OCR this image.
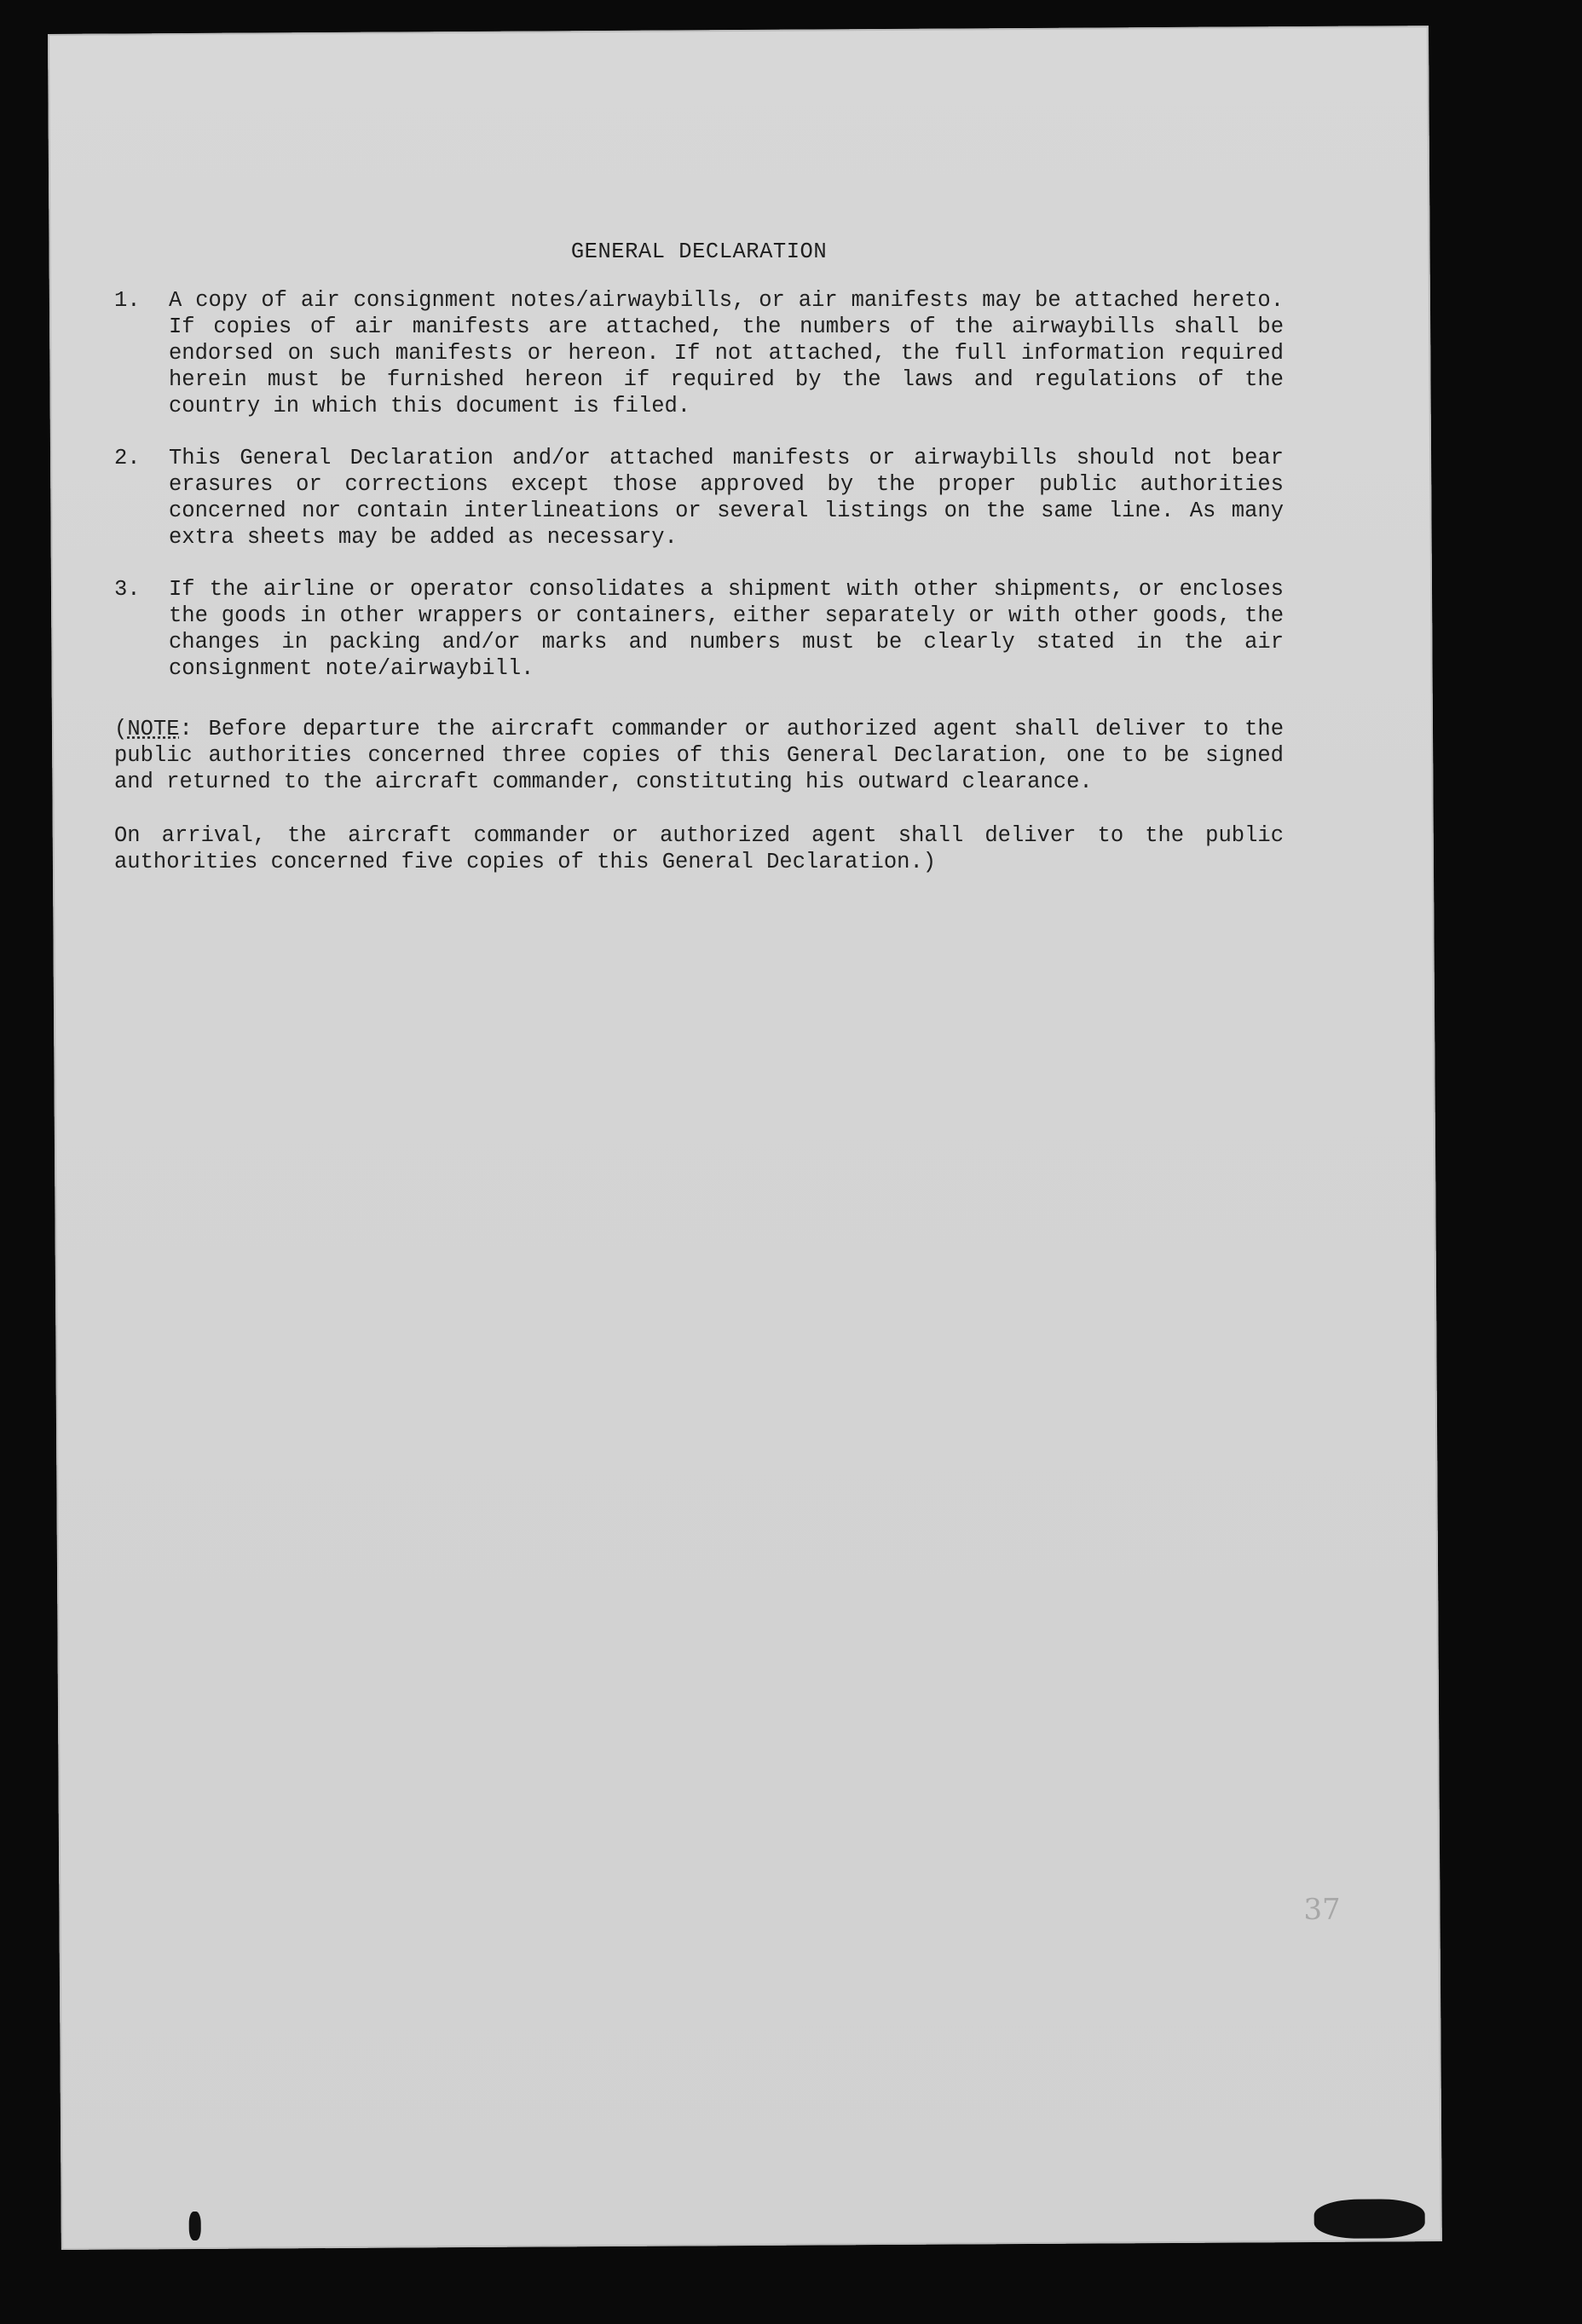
37
GENERAL DECLARATION
1.	A copy of air consignment notes/airwaybills, or air manifests may be attached hereto. If copies of air manifests are attached, the numbers of the airwaybills shall be endorsed on such manifests or hereon. If not attached, the full information required herein must be furnished hereon if required by the laws and regulations of the country in which this document is filed.
2.	This General Declaration and/or attached manifests or airwaybills should not bear erasures or corrections except those approved by the proper public authorities concerned nor contain interlineations or several listings on the same line. As many extra sheets may be added as necessary.
3.	If the airline or operator consolidates a shipment with other shipments, or encloses the goods in other wrappers or containers, either separately or with other goods, the changes in packing and/or marks and numbers must be clearly stated in the air consignment note/airwaybill.
(NOTE: Before departure the aircraft commander or authorized agent shall deliver to the public authorities concerned three copies of this General Declaration, one to be signed and returned to the aircraft commander, constituting his outward clearance.
On arrival, the aircraft commander or authorized agent shall deliver to the public authorities concerned five copies of this General Declaration.)
